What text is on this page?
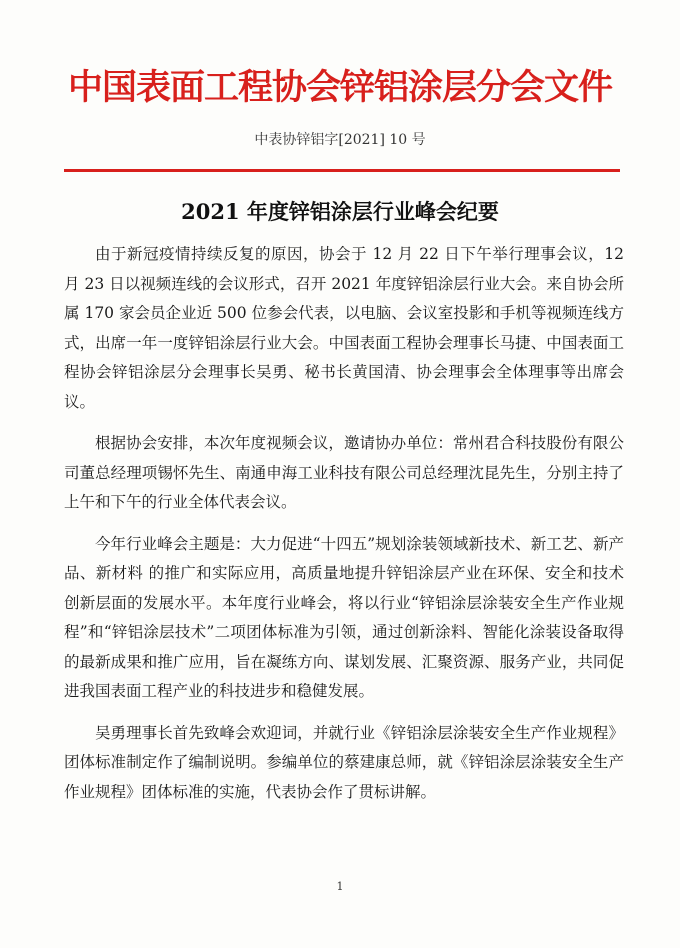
中国表面工程协会锌铝涂层分会文件
中表协锌铝字[2021] 10 号
2021 年度锌铝涂层行业峰会纪要

由于新冠疫情持续反复的原因，协会于 12 月 22 日下午举行理事会议，12 月 23 日以视频连线的会议形式，召开 2021 年度锌铝涂层行业大会。来自协会所属 170 家会员企业近 500 位参会代表，以电脑、会议室投影和手机等视频连线方式，出席一年一度锌铝涂层行业大会。中国表面工程协会理事长马捷、中国表面工程协会锌铝涂层分会理事长吴勇、秘书长黄国清、协会理事会全体理事等出席会议。

根据协会安排，本次年度视频会议，邀请协办单位：常州君合科技股份有限公司董总经理项锡怀先生、南通申海工业科技有限公司总经理沈昆先生，分别主持了上午和下午的行业全体代表会议。

今年行业峰会主题是：大力促进“十四五”规划涂装领域新技术、新工艺、新产品、新材料 的推广和实际应用，高质量地提升锌铝涂层产业在环保、安全和技术创新层面的发展水平。本年度行业峰会，将以行业“锌铝涂层涂装安全生产作业规程”和“锌铝涂层技术”二项团体标准为引领，通过创新涂料、智能化涂装设备取得的最新成果和推广应用，旨在凝练方向、谋划发展、汇聚资源、服务产业，共同促进我国表面工程产业的科技进步和稳健发展。

吴勇理事长首先致峰会欢迎词，并就行业《锌铝涂层涂装安全生产作业规程》团体标准制定作了编制说明。参编单位的蔡建康总师，就《锌铝涂层涂装安全生产作业规程》团体标准的实施，代表协会作了贯标讲解。

1
